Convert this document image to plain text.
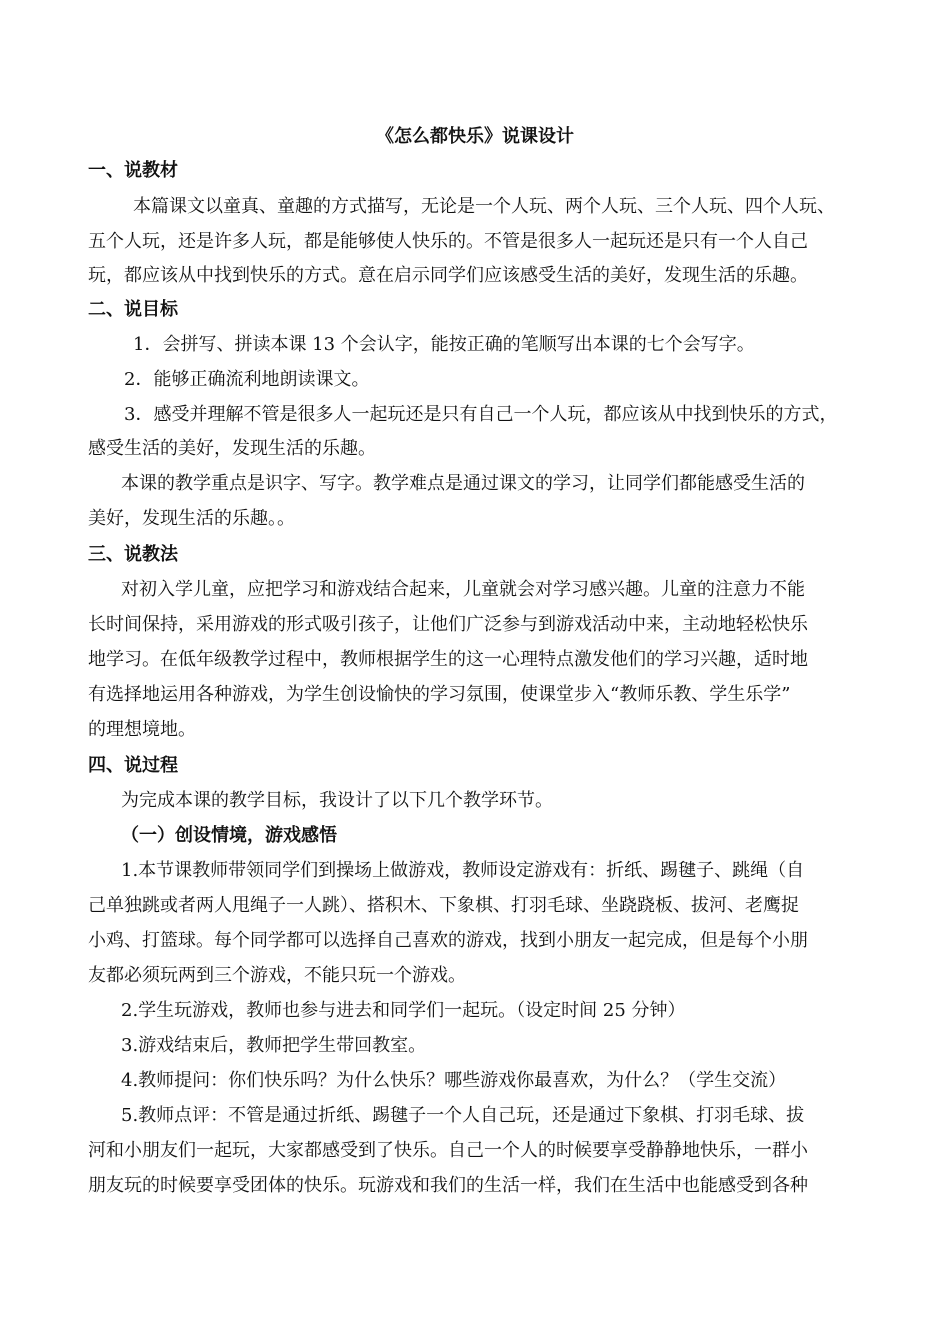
《怎么都快乐》说课设计
一、说教材
本篇课文以童真、童趣的方式描写，无论是一个人玩、两个人玩、三个人玩、四个人玩、
五个人玩，还是许多人玩，都是能够使人快乐的。不管是很多人一起玩还是只有一个人自己
玩，都应该从中找到快乐的方式。意在启示同学们应该感受生活的美好，发现生活的乐趣。
二、说目标
1．会拼写、拼读本课 13 个会认字，能按正确的笔顺写出本课的七个会写字。
2．能够正确流利地朗读课文。
3．感受并理解不管是很多人一起玩还是只有自己一个人玩，都应该从中找到快乐的方式，
感受生活的美好，发现生活的乐趣。
本课的教学重点是识字、写字。教学难点是通过课文的学习，让同学们都能感受生活的
美好，发现生活的乐趣。。
三、说教法
对初入学儿童，应把学习和游戏结合起来，儿童就会对学习感兴趣。儿童的注意力不能
长时间保持，采用游戏的形式吸引孩子，让他们广泛参与到游戏活动中来，主动地轻松快乐
地学习。在低年级教学过程中，教师根据学生的这一心理特点激发他们的学习兴趣，适时地
有选择地运用各种游戏，为学生创设愉快的学习氛围，使课堂步入“教师乐教、学生乐学”
的理想境地。
四、说过程
为完成本课的教学目标，我设计了以下几个教学环节。
（一）创设情境，游戏感悟
1.本节课教师带领同学们到操场上做游戏，教师设定游戏有：折纸、踢毽子、跳绳（自
己单独跳或者两人甩绳子一人跳）、搭积木、下象棋、打羽毛球、坐跷跷板、拔河、老鹰捉
小鸡、打篮球。每个同学都可以选择自己喜欢的游戏，找到小朋友一起完成，但是每个小朋
友都必须玩两到三个游戏，不能只玩一个游戏。
2.学生玩游戏，教师也参与进去和同学们一起玩。（设定时间 25 分钟）
3.游戏结束后，教师把学生带回教室。
4.教师提问：你们快乐吗？为什么快乐？哪些游戏你最喜欢，为什么？（学生交流）
5.教师点评：不管是通过折纸、踢毽子一个人自己玩，还是通过下象棋、打羽毛球、拔
河和小朋友们一起玩，大家都感受到了快乐。自己一个人的时候要享受静静地快乐，一群小
朋友玩的时候要享受团体的快乐。玩游戏和我们的生活一样，我们在生活中也能感受到各种
